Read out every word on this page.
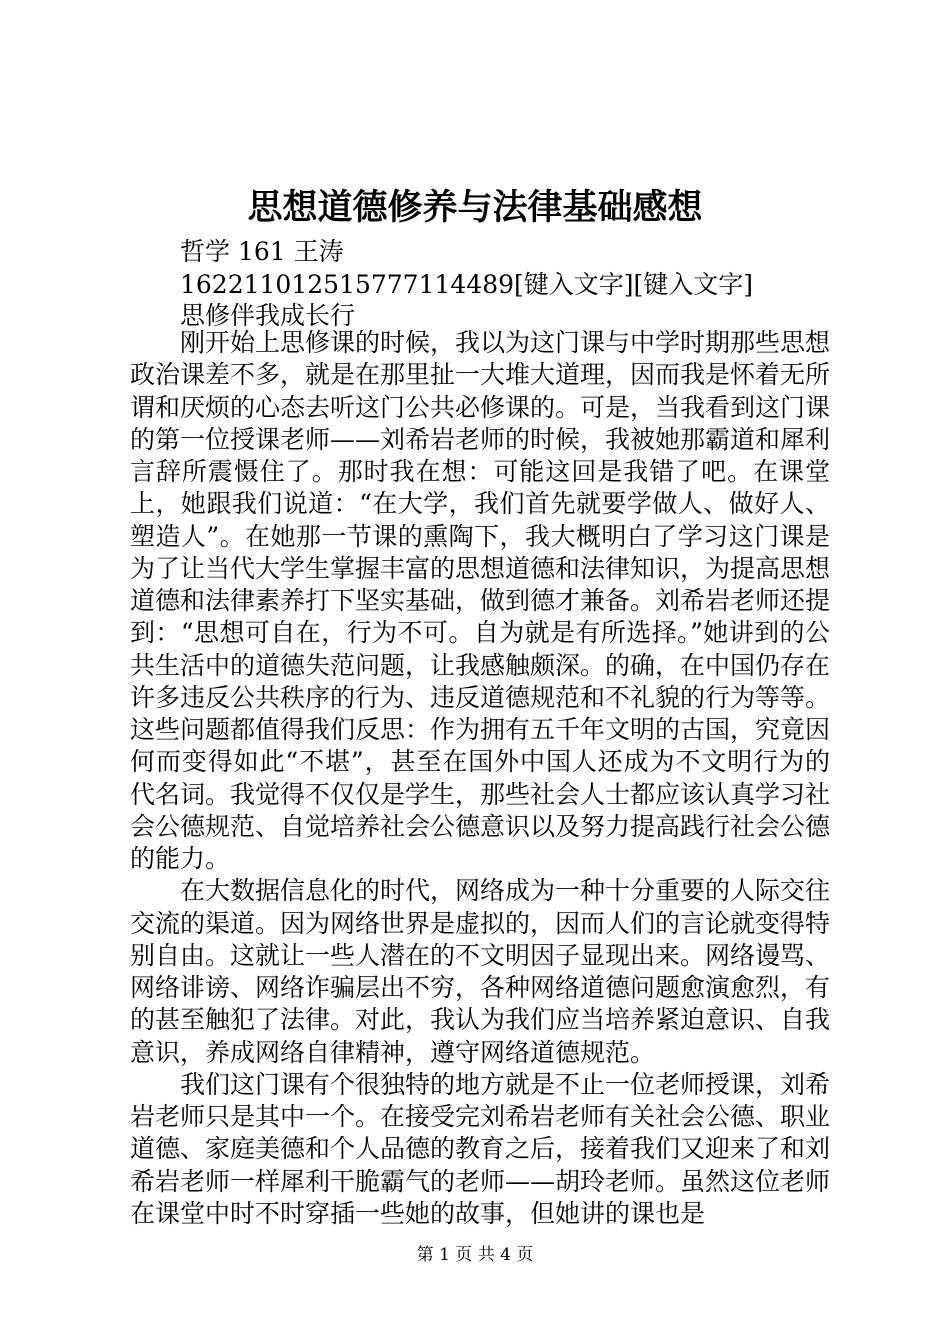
思想道德修养与法律基础感想
哲学 161 王涛
16221101251577711448​9[键入文字][键入文字]
思修伴我成长行

刚开始上思修课的时候，我以为这门课与中学时期那些思想政治课差不多，就是在那里扯一大堆大道理，因而我是怀着无所谓和厌烦的心态去听这门公共必修课的。可是，当我看到这门课的第一位授课老师——刘希岩老师的时候，我被她那霸道和犀利言辞所震慑住了。那时我在想：可能这回是我错了吧。在课堂上，她跟我们说道：“在大学，我们首先就要学做人、做好人、塑造人”。在她那一节课的熏陶下，我大概明白了学习这门课是为了让当代大学生掌握丰富的思想道德和法律知识，为提高思想道德和法律素养打下坚实基础，做到德才兼备。刘希岩老师还提到：“思想可自在，行为不可。自为就是有所选择。”她讲到的公共生活中的道德失范问题，让我感触颇深。的确，在中国仍存在许多违反公共秩序的行为、违反道德规范和不礼貌的行为等等。这些问题都值得我们反思：作为拥有五千年文明的古国，究竟因何而变得如此“不堪”，甚至在国外中国人还成为不文明行为的代名词。我觉得不仅仅是学生，那些社会人士都应该认真学习社会公德规范、自觉培养社会公德意识以及努力提高践行社会公德的能力。

在大数据信息化的时代，网络成为一种十分重要的人际交往交流的渠道。因为网络世界是虚拟的，因而人们的言论就变得特别自由。这就让一些人潜在的不文明因子显现出来。网络谩骂、网络诽谤、网络诈骗层出不穷，各种网络道德问题愈演愈烈，有的甚至触犯了法律。对此，我认为我们应当培养紧迫意识、自我意识，养成网络自律精神，遵守网络道德规范。

我们这门课有个很独特的地方就是不止一位老师授课，刘希岩老师只是其中一个。在接受完刘希岩老师有关社会公德、职业道德、家庭美德和个人品德的教育之后，接着我们又迎来了和刘希岩老师一样犀利干脆霸气的老师——胡玲老师。虽然这位老师在课堂中时不时穿插一些她的故事，但她讲的课也是

第 1 页 共 4 页
